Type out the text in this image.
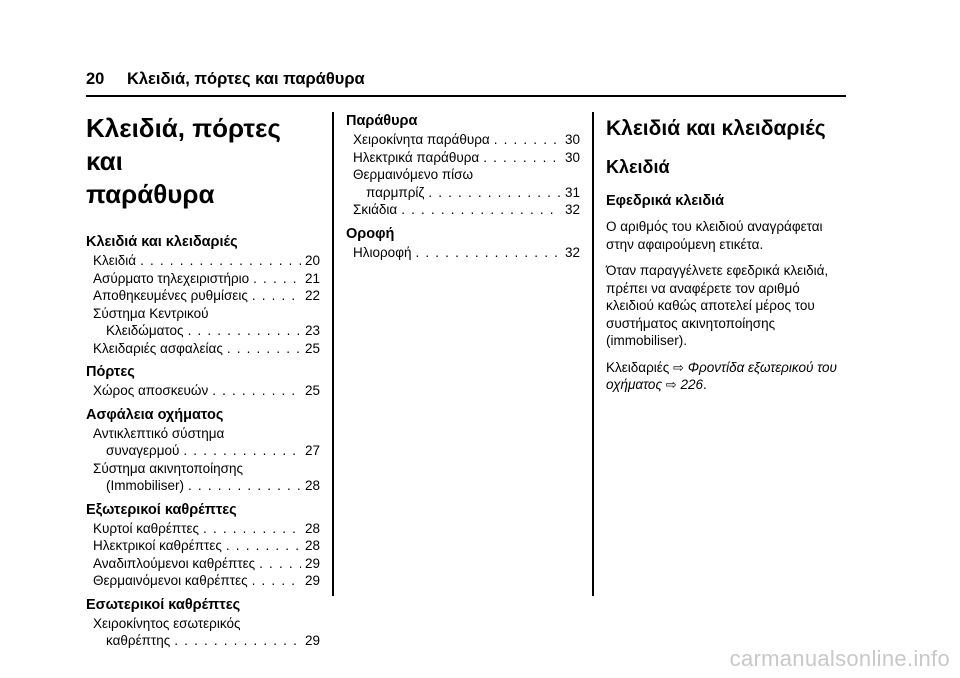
20 Κλειδιά, πόρτες και παράθυρα
Κλειδιά, πόρτες και
παράθυρα
Κλειδιά και κλειδαριές
Κλειδιά . . .	20
Ασύρματο τηλεχειριστήριο . . .	21
Αποθηκευμένες ρυθμίσεις . . .	22
Σύστημα Κεντρικού
Κλειδώματος . . .	23
Κλειδαριές ασφαλείας . . .	25
Πόρτες
Χώρος αποσκευών . . .	25
Ασφάλεια οχήματος
Αντικλεπτικό σύστημα
συναγερμού . . .	27
Σύστημα ακινητοποίησης
(Immobiliser) . . .	28
Εξωτερικοί καθρέπτες
Κυρτοί καθρέπτες . . .	28
Ηλεκτρικοί καθρέπτες . . .	28
Αναδιπλούμενοι καθρέπτες . . .	29
Θερμαινόμενοι καθρέπτες . . .	29
Εσωτερικοί καθρέπτες
Χειροκίνητος εσωτερικός
καθρέπτης . . .	29
Παράθυρα
Χειροκίνητα παράθυρα . . .	30
Ηλεκτρικά παράθυρα . . .	30
Θερμαινόμενο πίσω
παρμπρίζ . . .	31
Σκιάδια . . .	32
Οροφή
Ηλιοροφή . . .	32
Κλειδιά και κλειδαριές
Κλειδιά
Εφεδρικά κλειδιά
Ο αριθμός του κλειδιού αναγράφεται στην αφαιρούμενη ετικέτα.
Όταν παραγγέλνετε εφεδρικά κλειδιά, πρέπει να αναφέρετε τον αριθμό κλειδιού καθώς αποτελεί μέρος του συστήματος ακινητοποίησης (immobiliser).
Κλειδαριές ⇨ Φροντίδα εξωτερικού του οχήματος ⇨ 226.
carmanualsonline.info
